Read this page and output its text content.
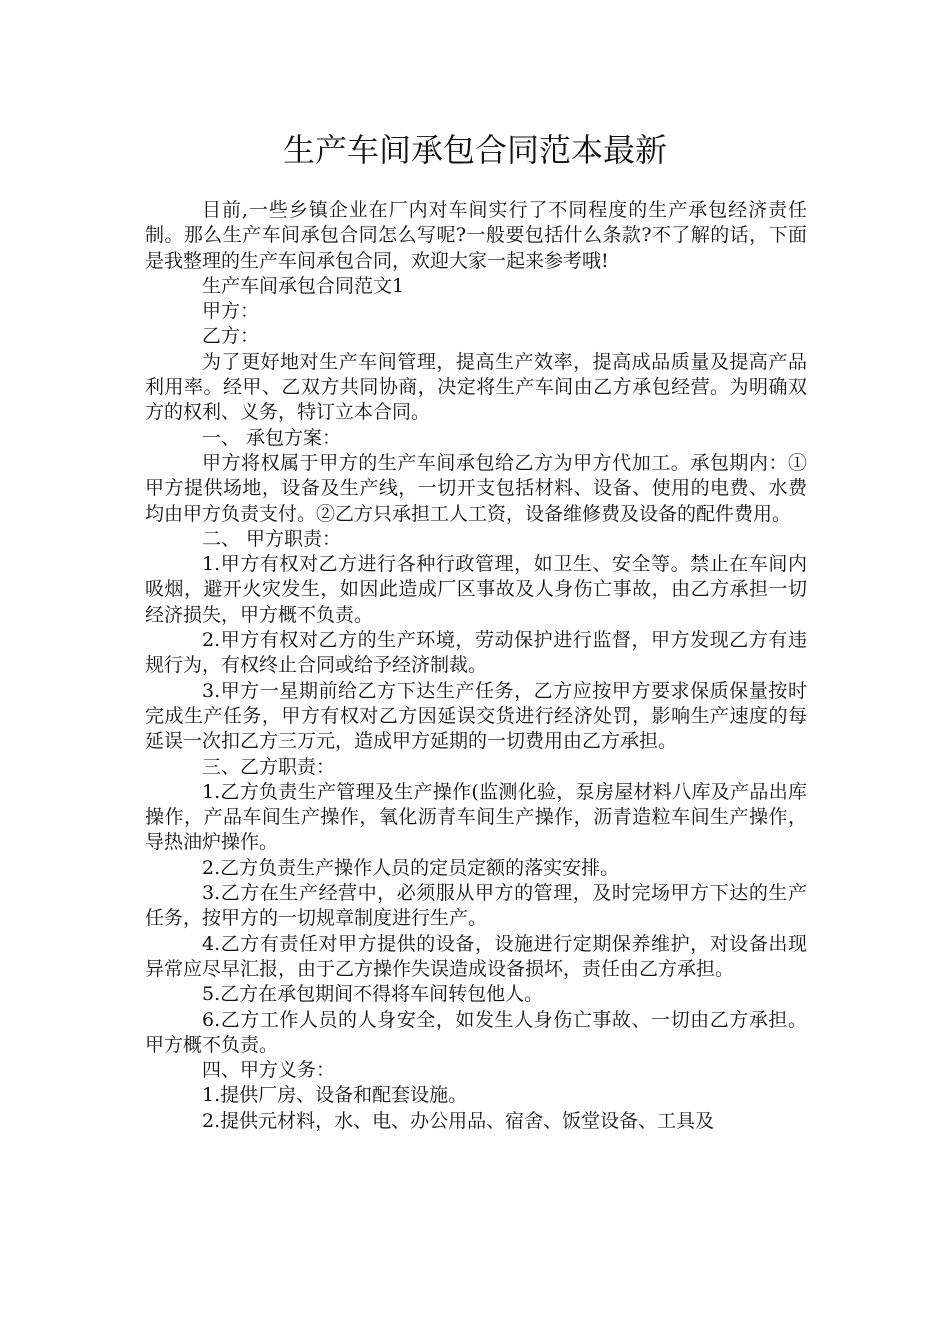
生产车间承包合同范本最新

目前,一些乡镇企业在厂内对车间实行了不同程度的生产承包经济责任制。那么生产车间承包合同怎么写呢?一般要包括什么条款?不了解的话，下面是我整理的生产车间承包合同，欢迎大家一起来参考哦!

生产车间承包合同范文1

甲方：

乙方：

为了更好地对生产车间管理，提高生产效率，提高成品质量及提高产品利用率。经甲、乙双方共同协商，决定将生产车间由乙方承包经营。为明确双方的权利、义务，特订立本合同。

一、 承包方案：

甲方将权属于甲方的生产车间承包给乙方为甲方代加工。承包期内：①甲方提供场地，设备及生产线，一切开支包括材料、设备、使用的电费、水费均由甲方负责支付。②乙方只承担工人工资，设备维修费及设备的配件费用。

二、 甲方职责：

1.甲方有权对乙方进行各种行政管理，如卫生、安全等。禁止在车间内吸烟，避开火灾发生，如因此造成厂区事故及人身伤亡事故，由乙方承担一切经济损失，甲方概不负责。

2.甲方有权对乙方的生产环境，劳动保护进行监督，甲方发现乙方有违规行为，有权终止合同或给予经济制裁。

3.甲方一星期前给乙方下达生产任务，乙方应按甲方要求保质保量按时完成生产任务，甲方有权对乙方因延误交货进行经济处罚，影响生产速度的每延误一次扣乙方三万元，造成甲方延期的一切费用由乙方承担。

三、乙方职责：

1.乙方负责生产管理及生产操作(监测化验，泵房屋材料八库及产品出库操作，产品车间生产操作，氧化沥青车间生产操作，沥青造粒车间生产操作，导热油炉操作。

2.乙方负责生产操作人员的定员定额的落实安排。

3.乙方在生产经营中，必须服从甲方的管理，及时完场甲方下达的生产任务，按甲方的一切规章制度进行生产。

4.乙方有责任对甲方提供的设备，设施进行定期保养维护，对设备出现异常应尽早汇报，由于乙方操作失误造成设备损坏，责任由乙方承担。

5.乙方在承包期间不得将车间转包他人。

6.乙方工作人员的人身安全，如发生人身伤亡事故、一切由乙方承担。甲方概不负责。

四、甲方义务：

1.提供厂房、设备和配套设施。

2.提供元材料，水、电、办公用品、宿舍、饭堂设备、工具及
